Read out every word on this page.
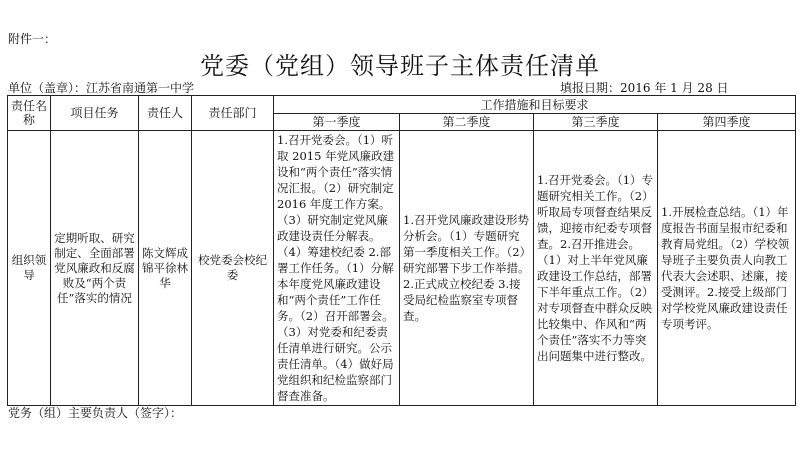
附件一：
党委（党组）领导班子主体责任清单
单位（盖章）：江苏省南通第一中学	填报日期：2016 年 1 月 28 日
责任名称	项目任务	责任人	责任部门	工作措施和目标要求			
				第一季度	第二季度	第三季度	第四季度
组织领导	定期听取、研究制定、全面部署党风廉政和反腐败及“两个责任”落实的情况	陈文辉成锦平徐林华	校党委会校纪委	1.召开党委会。（1）听取 2015 年党风廉政建设和“两个责任”落实情况汇报。（2）研究制定 2016 年度工作方案。（3）研究制定党风廉政建设责任分解表。（4）筹建校纪委 2.部署工作任务。（1）分解本年度党风廉政建设和“两个责任”工作任务。（2）召开部署会。（3）对党委和纪委责任清单进行研究。公示责任清单。（4）做好局党组织和纪检监察部门督查准备。	1.召开党风廉政建设形势分析会。（1）专题研究第一季度相关工作。（2）研究部署下步工作举措。2.正式成立校纪委 3.接受局纪检监察室专项督查。	1.召开党委会。（1）专题研究相关工作。（2）听取局专项督查结果反馈，迎接市纪委专项督查。2.召开推进会。（1）对上半年党风廉政建设工作总结，部署下半年重点工作。（2）对专项督查中群众反映比较集中、作风和“两个责任”落实不力等突出问题集中进行整改。	1.开展检查总结。（1）年度报告书面呈报市纪委和教育局党组。（2）学校领导班子主要负责人向教工代表大会述职、述廉，接受测评。2.接受上级部门对学校党风廉政建设责任专项考评。
党务（组）主要负责人（签字）：
